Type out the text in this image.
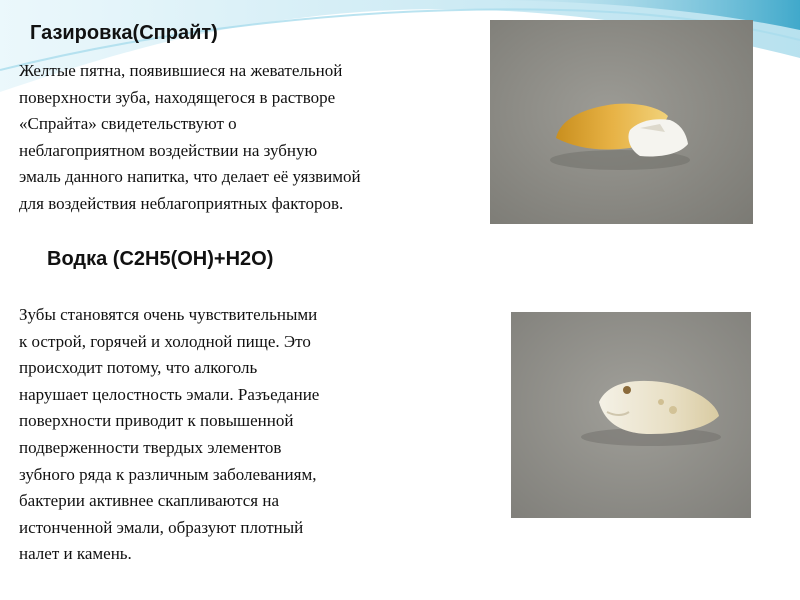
Газировка(Спрайт)
Желтые пятна, появившиеся на жевательной
поверхности зуба, находящегося в растворе
«Спрайта» свидетельствуют о
неблагоприятном воздействии на зубную
эмаль данного напитка, что делает её уязвимой
для воздействия неблагоприятных факторов.
Водка (С2Н5(ОН)+Н2О)
Зубы становятся очень чувствительными
к острой, горячей и холодной пище. Это
происходит потому, что алкоголь
нарушает целостность эмали. Разъедание
поверхности приводит к повышенной
подверженности твердых элементов
зубного ряда к различным заболеваниям,
бактерии активнее скапливаются на
истонченной эмали, образуют плотный
налет и камень.
